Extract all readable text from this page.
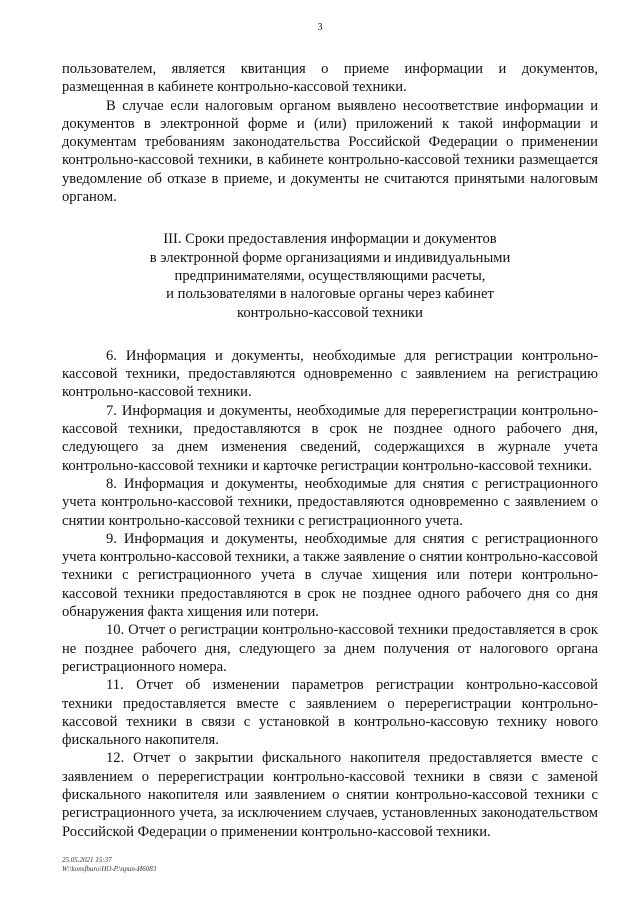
3

пользователем, является квитанция о приеме информации и документов, размещенная в кабинете контрольно-кассовой техники.

В случае если налоговым органом выявлено несоответствие информации и документов в электронной форме и (или) приложений к такой информации и документам требованиям законодательства Российской Федерации о применении контрольно-кассовой техники, в кабинете контрольно-кассовой техники размещается уведомление об отказе в приеме, и документы не считаются принятыми налоговым органом.

III. Сроки предоставления информации и документов
в электронной форме организациями и индивидуальными
предпринимателями, осуществляющими расчеты,
и пользователями в налоговые органы через кабинет
контрольно-кассовой техники

6. Информация и документы, необходимые для регистрации контрольно-кассовой техники, предоставляются одновременно с заявлением на регистрацию контрольно-кассовой техники.

7. Информация и документы, необходимые для перерегистрации контрольно-кассовой техники, предоставляются в срок не позднее одного рабочего дня, следующего за днем изменения сведений, содержащихся в журнале учета контрольно-кассовой техники и карточке регистрации контрольно-кассовой техники.

8. Информация и документы, необходимые для снятия с регистрационного учета контрольно-кассовой техники, предоставляются одновременно с заявлением о снятии контрольно-кассовой техники с регистрационного учета.

9. Информация и документы, необходимые для снятия с регистрационного учета контрольно-кассовой техники, а также заявление о снятии контрольно-кассовой техники с регистрационного учета в случае хищения или потери контрольно-кассовой техники предоставляются в срок не позднее одного рабочего дня со дня обнаружения факта хищения или потери.

10. Отчет о регистрации контрольно-кассовой техники предоставляется в срок не позднее рабочего дня, следующего за днем получения от налогового органа регистрационного номера.

11. Отчет об изменении параметров регистрации контрольно-кассовой техники предоставляется вместе с заявлением о перерегистрации контрольно-кассовой техники в связи с установкой в контрольно-кассовую технику нового фискального накопителя.

12. Отчет о закрытии фискального накопителя предоставляется вместе с заявлением о перерегистрации контрольно-кассовой техники в связи с заменой фискального накопителя или заявлением о снятии контрольно-кассовой техники с регистрационного учета, за исключением случаев, установленных законодательством Российской Федерации о применении контрольно-кассовой техники.

25.05.2021 15:37
W:\konsfburo\HO-P.\npun-И6083
